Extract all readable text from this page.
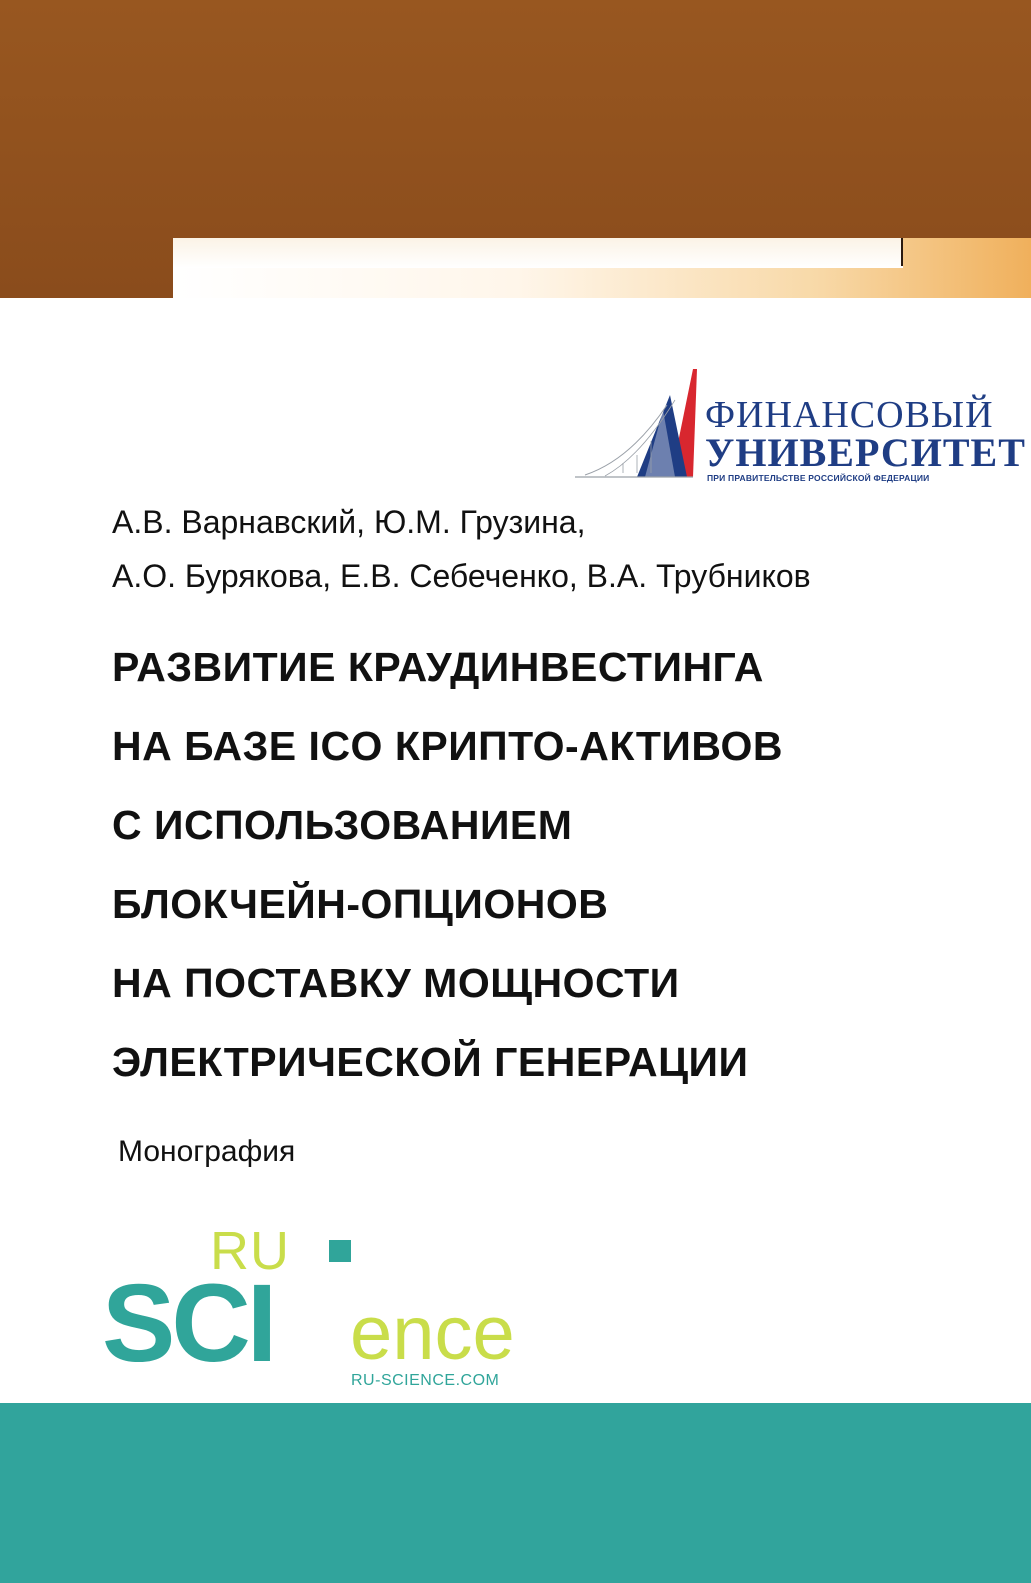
ФИНАНСОВЫЙ
УНИВЕРСИТЕТ
ПРИ ПРАВИТЕЛЬСТВЕ РОССИЙСКОЙ ФЕДЕРАЦИИ
А.В. Варнавский, Ю.М. Грузина,
А.О. Бурякова, Е.В. Себеченко, В.А. Трубников
РАЗВИТИЕ КРАУДИНВЕСТИНГА
НА БАЗЕ ICO КРИПТО-АКТИВОВ
С ИСПОЛЬЗОВАНИЕМ
БЛОКЧЕЙН-ОПЦИОНОВ
НА ПОСТАВКУ МОЩНОСТИ
ЭЛЕКТРИЧЕСКОЙ ГЕНЕРАЦИИ
Монография
RU
SCI ence
RU-SCIENCE.COM
